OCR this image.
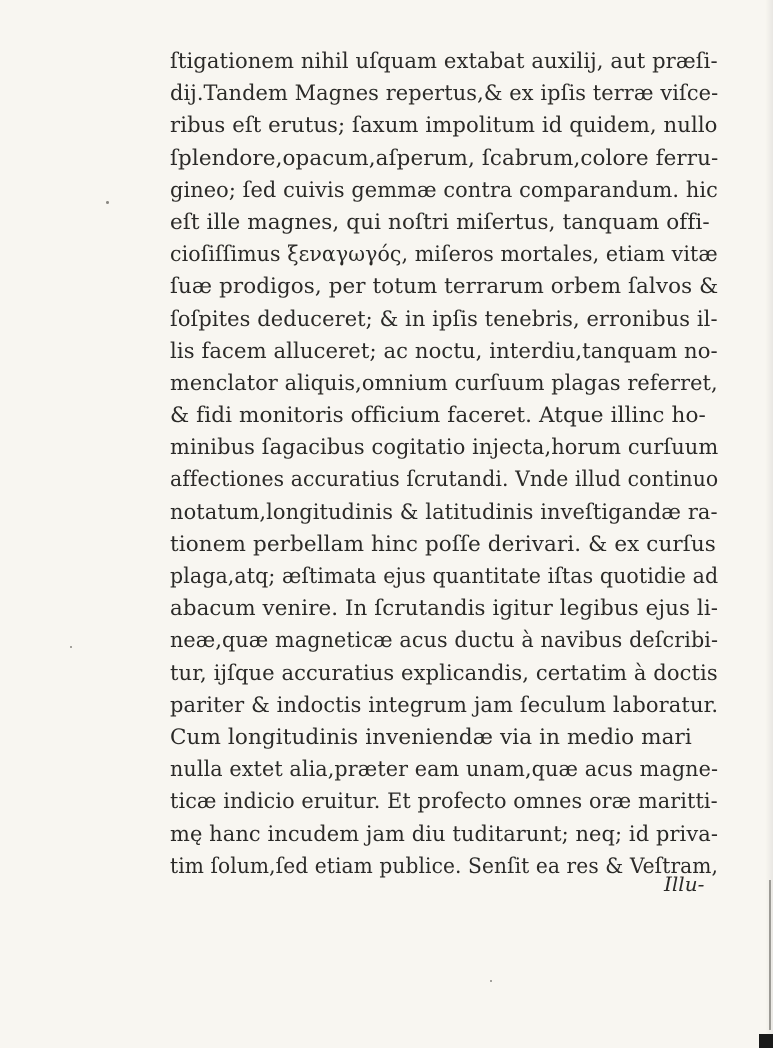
ſtigationem nihil uſquam extabat auxilij, aut præſi-
dij.Tandem Magnes repertus,& ex ipſis terræ viſce-
ribus eſt erutus; ſaxum impolitum id quidem, nullo
ſplendore,opacum,aſperum, ſcabrum,colore ferru-
gineo; ſed cuivis gemmæ contra comparandum. hic
eſt ille magnes, qui noſtri miſertus, tanquam offi-
cioſiſſimus ξεναγωγός, miſeros mortales, etiam vitæ
ſuæ prodigos, per totum terrarum orbem ſalvos &
ſoſpites deduceret; & in ipſis tenebris, erronibus il-
lis facem alluceret; ac noctu, interdiu,tanquam no-
menclator aliquis,omnium curſuum plagas referret,
& fidi monitoris officium faceret. Atque illinc ho-
minibus ſagacibus cogitatio injecta,horum curſuum
affectiones accuratius ſcrutandi. Vnde illud continuo
notatum,longitudinis & latitudinis inveſtigandæ ra-
tionem perbellam hinc poſſe derivari. & ex curſus
plaga,atq; æſtimata ejus quantitate iſtas quotidie ad
abacum venire. In ſcrutandis igitur legibus ejus li-
neæ,quæ magneticæ acus ductu à navibus deſcribi-
tur, ijſque accuratius explicandis, certatim à doctis
pariter & indoctis integrum jam ſeculum laboratur.
Cum longitudinis inveniendæ via in medio mari
nulla extet alia,præter eam unam,quæ acus magne-
ticæ indicio eruitur. Et profecto omnes oræ maritti-
mę hanc incudem jam diu tuditarunt; neq; id priva-
tim ſolum,ſed etiam publice. Senſit ea res & Veſtram,
Illu-
